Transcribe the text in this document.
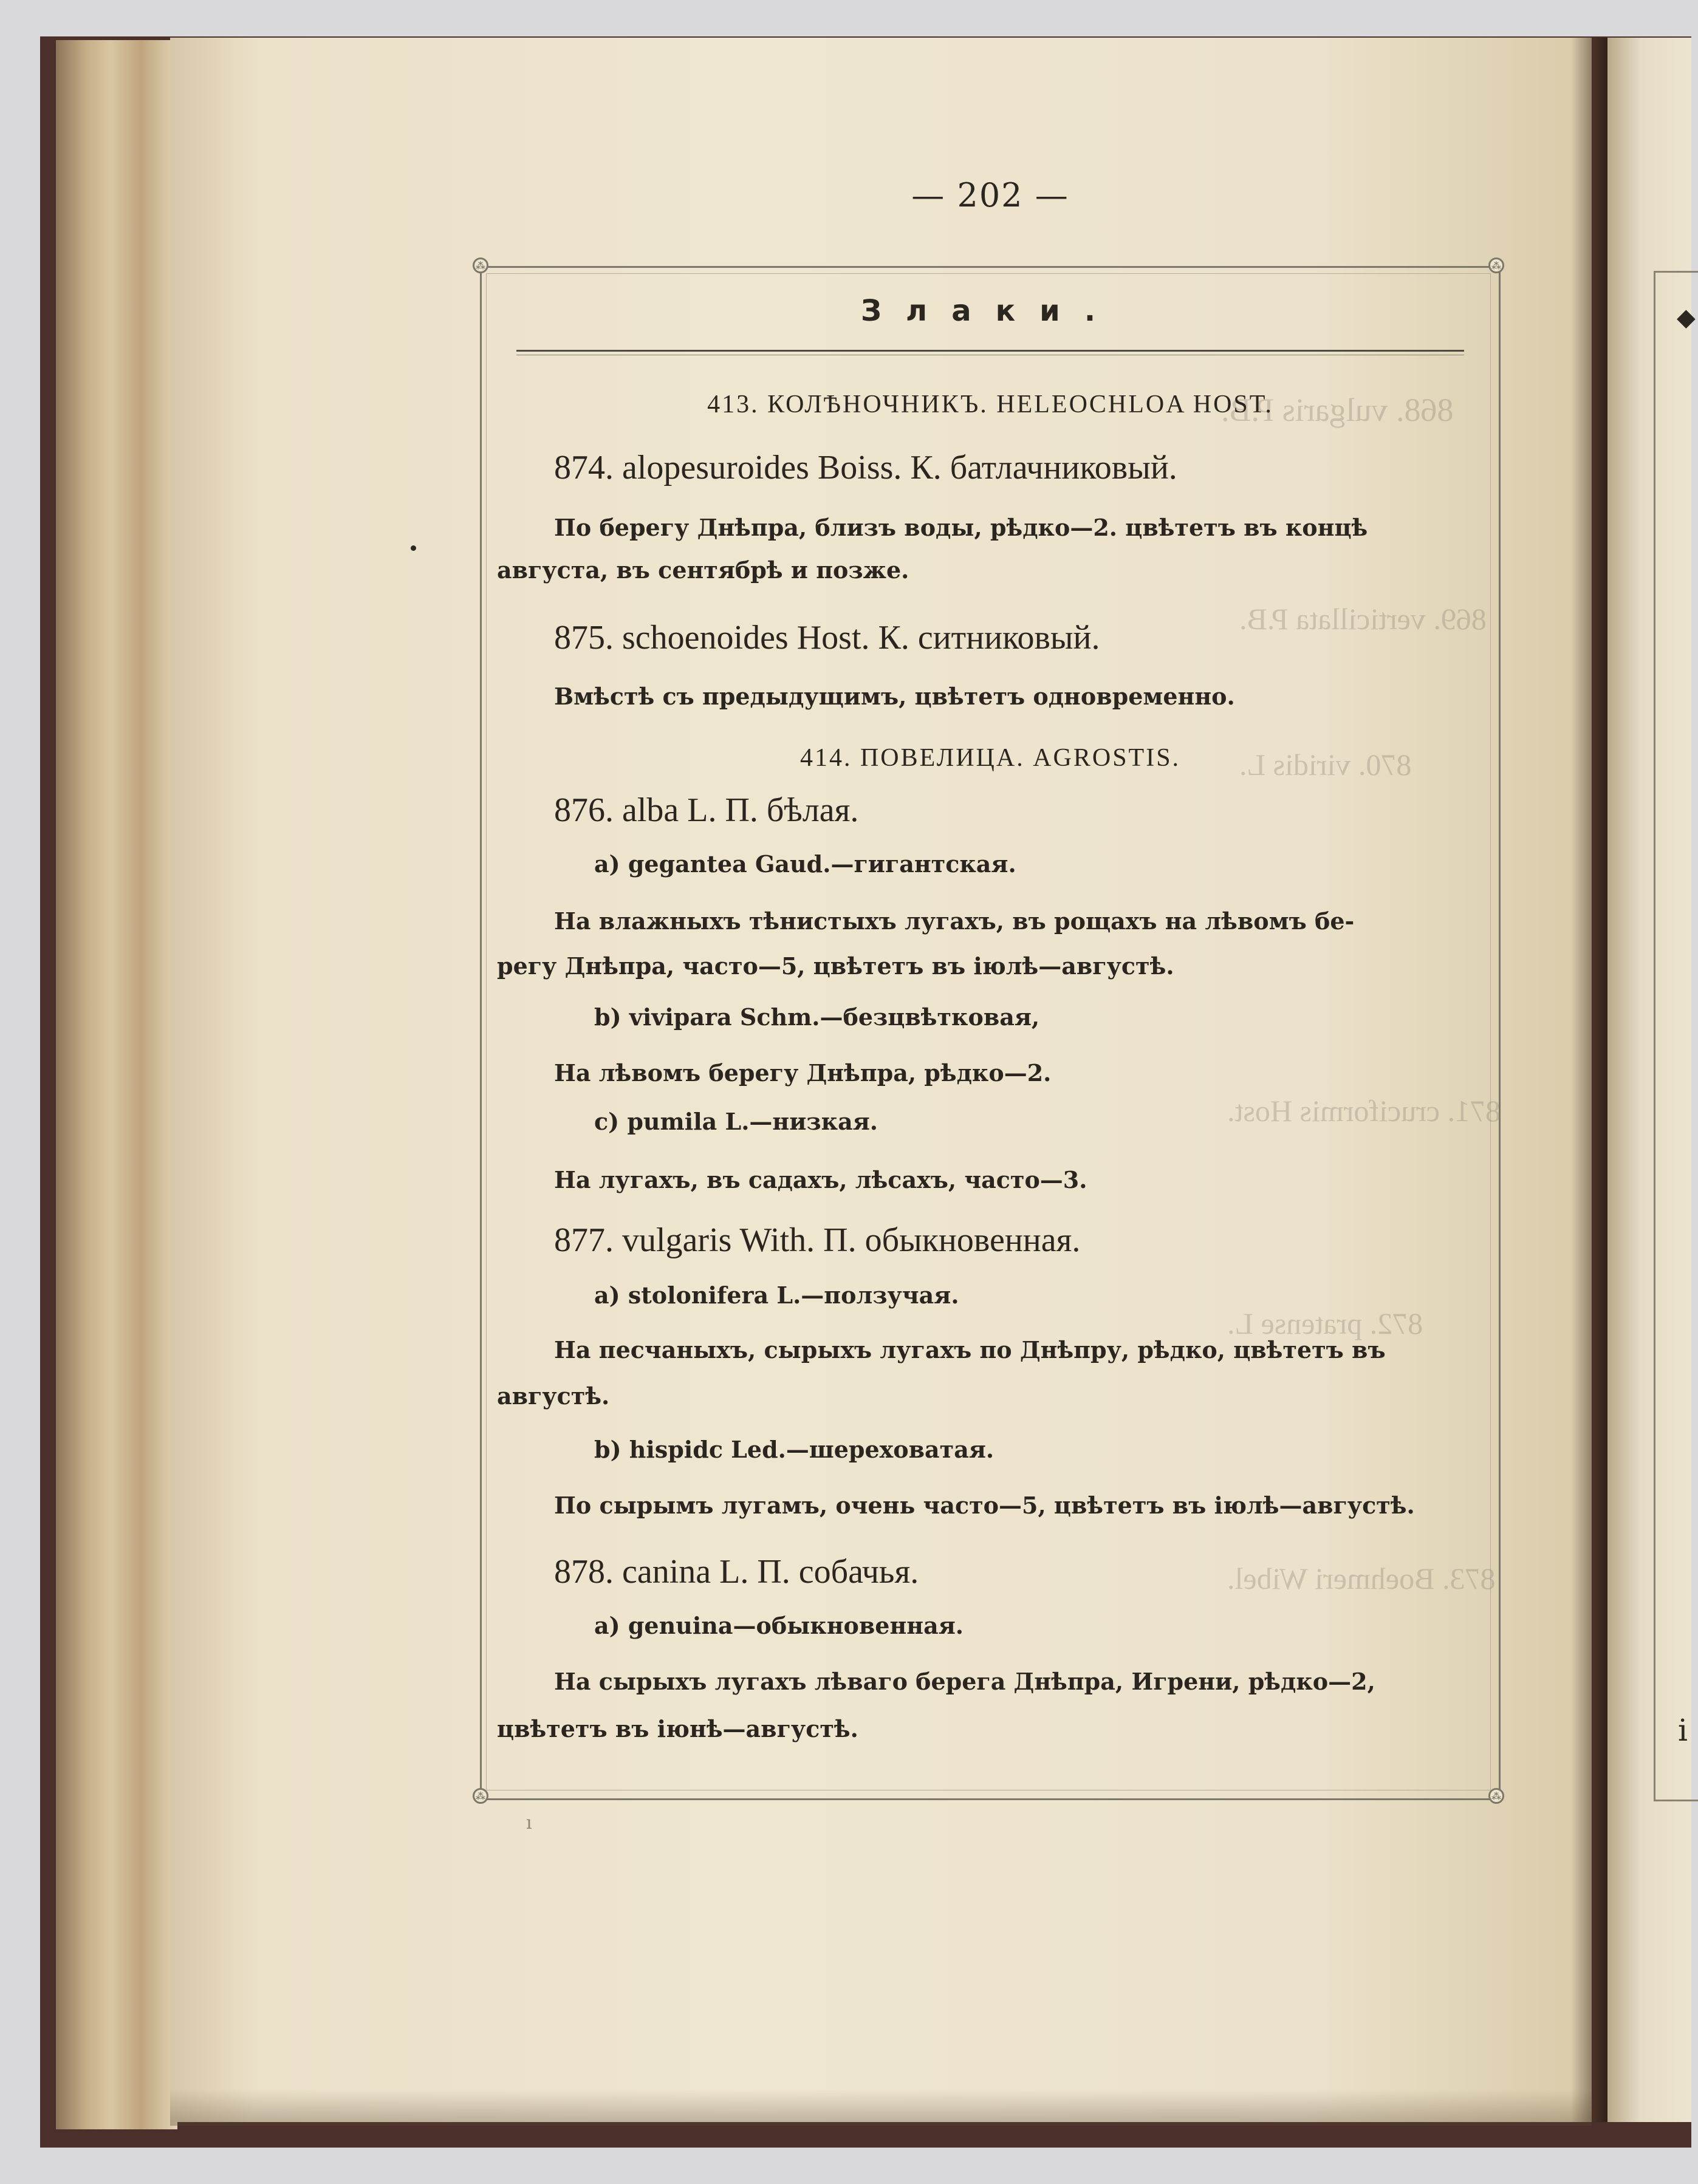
◆
i
— 202 —
⁂	⁂
⁂	⁂
Злаки.
868. vulgaris P.B.
869. verticillata P.B.
870. viridis L.
871. cruciformis Host.
872. pratense L.
873. Boehmeri Wibel.
413. КОЛѢНОЧНИКЪ. HELEOCHLOA HOST.
874. alopesuroides Boiss. К. батлачниковый.
По берегу Днѣпра, близъ воды, рѣдко—2. цвѣтетъ въ концѣ
августа, въ сентябрѣ и позже.
875. schoenoides Host. К. ситниковый.
Вмѣстѣ съ предыдущимъ, цвѣтетъ одновременно.
414. ПОВЕЛИЦА. AGROSTIS.
876. alba L. П. бѣлая.
a) gegantea Gaud.—гигантская.
На влажныхъ тѣнистыхъ лугахъ, въ рощахъ на лѣвомъ бе-
регу Днѣпра, часто—5, цвѣтетъ въ iюлѣ—августѣ.
b) vivipara Schm.—безцвѣтковая,
На лѣвомъ берегу Днѣпра, рѣдко—2.
c) pumila L.—низкая.
На лугахъ, въ садахъ, лѣсахъ, часто—3.
877. vulgaris With. П. обыкновенная.
a) stolonifera L.—ползучая.
На песчаныхъ, сырыхъ лугахъ по Днѣпру, рѣдко, цвѣтетъ въ
августѣ.
b) hispidc Led.—шереховатая.
По сырымъ лугамъ, очень часто—5, цвѣтетъ въ iюлѣ—августѣ.
878. canina L. П. собачья.
a) genuina—обыкновенная.
На сырыхъ лугахъ лѣваго берега Днѣпра, Игрени, рѣдко—2,
цвѣтетъ въ iюнѣ—августѣ.
ı
